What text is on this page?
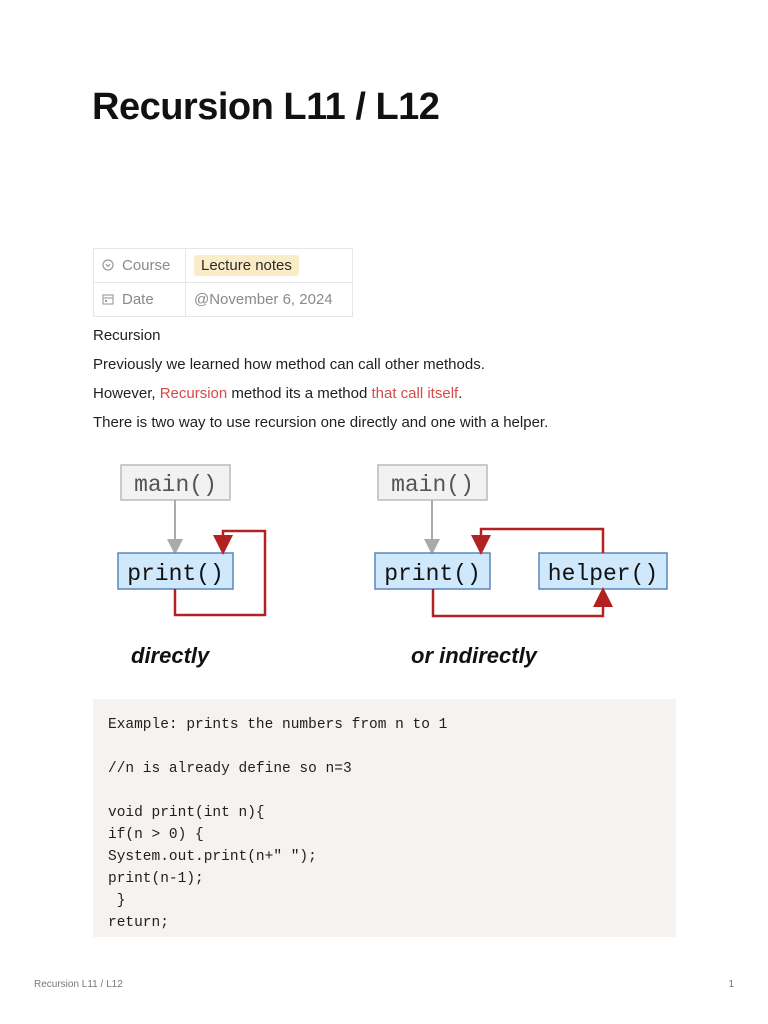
Recursion L11 / L12
Course	Lecture notes
Date	@November 6, 2024

Recursion

Previously we learned how method can call other methods.

However, Recursion method its a method that call itself.

There is two way to use recursion one directly and one with a helper.

main()
print()
directly
main()
print()	helper()
or indirectly
Example: prints the numbers from n to 1

//n is already define so n=3

void print(int n){
if(n > 0) {
System.out.print(n+" ");
print(n-1);
}
return;
Recursion L11 / L12	1
